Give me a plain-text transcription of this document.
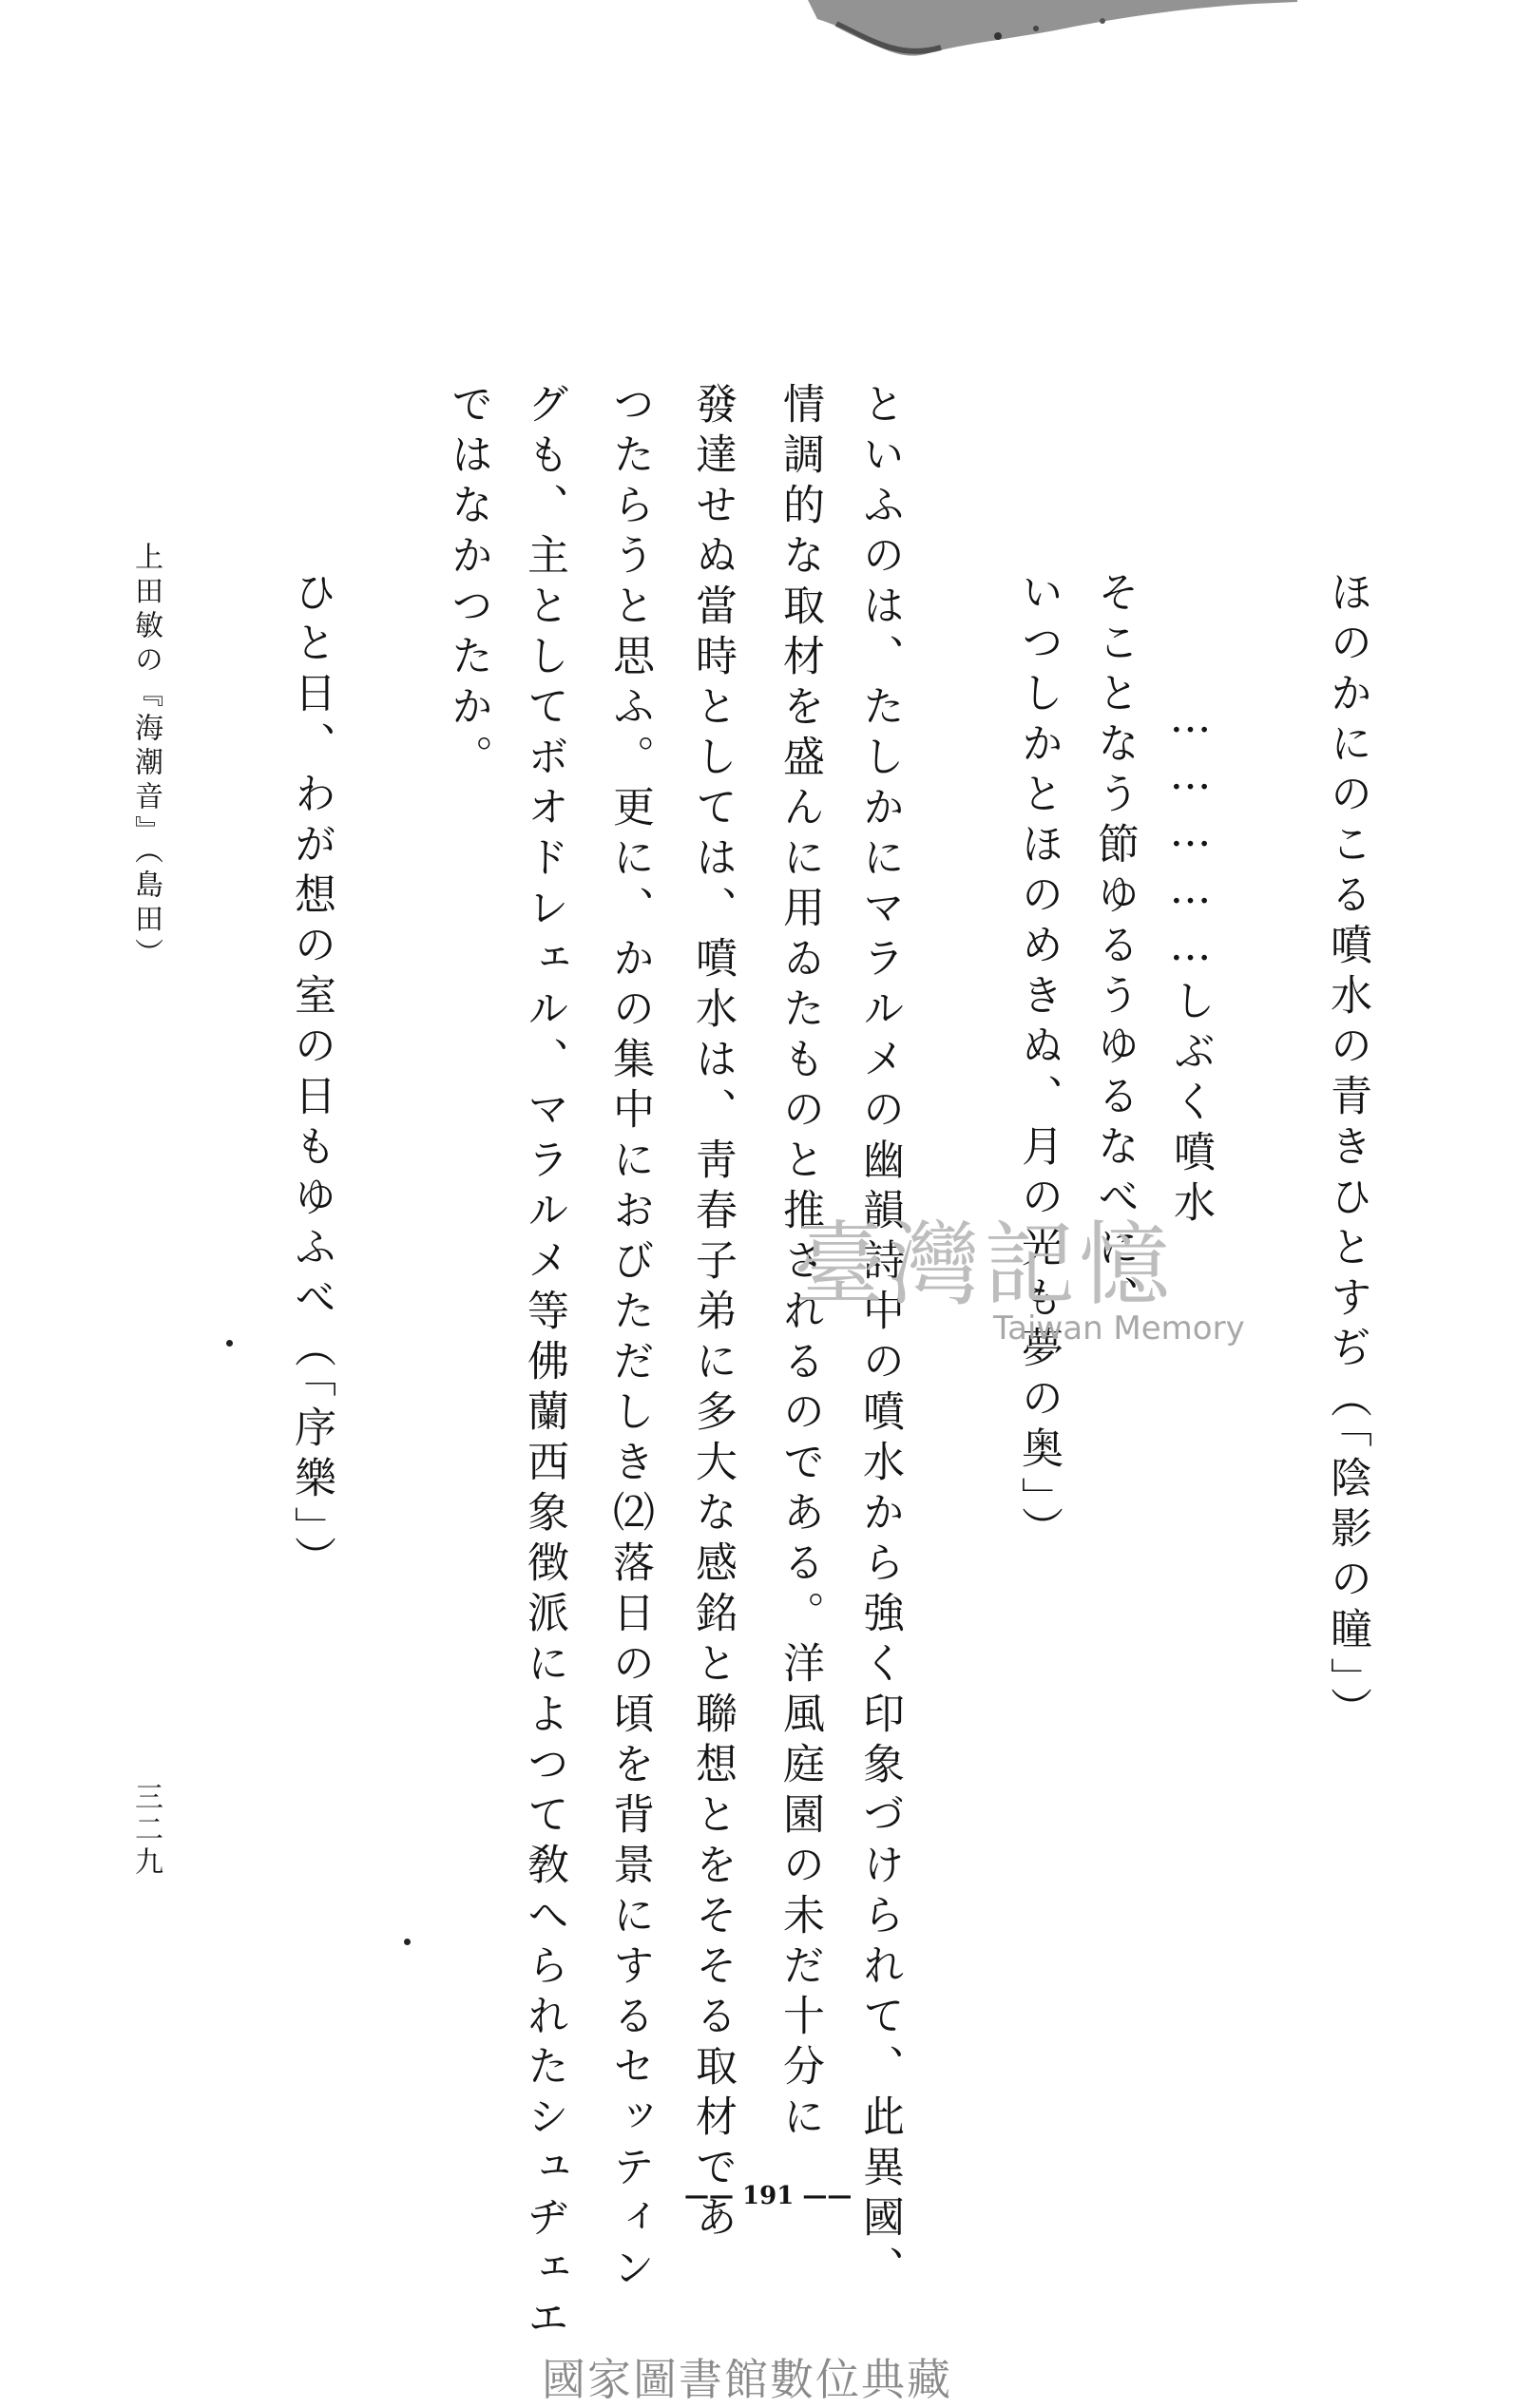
ほのかにのこる噴水の青きひとすぢ（「陰影の瞳」）
……………しぶく噴水
そことなう節ゆるうゆるなべに、
いつしかとほのめきぬ、月の光も夢の奥」）
といふのは、たしかにマラルメの幽韻詩中の噴水から強く印象づけられて、此異國、
情調的な取材を盛んに用ゐたものと推されるのである。洋風庭園の未だ十分に
發達せぬ當時としては、噴水は、靑春子弟に多大な感銘と聯想とをそそる取材であ
つたらうと思ふ。更に、かの集中におびただしき⑵落日の頃を背景にするセッティン
グも、主としてボオドレェル、マラルメ等佛蘭西象徴派によつて敎へられたシュヂェエ
ではなかつたか。
ひと日、わが想の室の日もゆふべ（「序樂」）
上田敏の『海潮音』（島田）
三二九
臺灣記憶
Taiwan Memory
—— 191 ——
國家圖書館數位典藏
